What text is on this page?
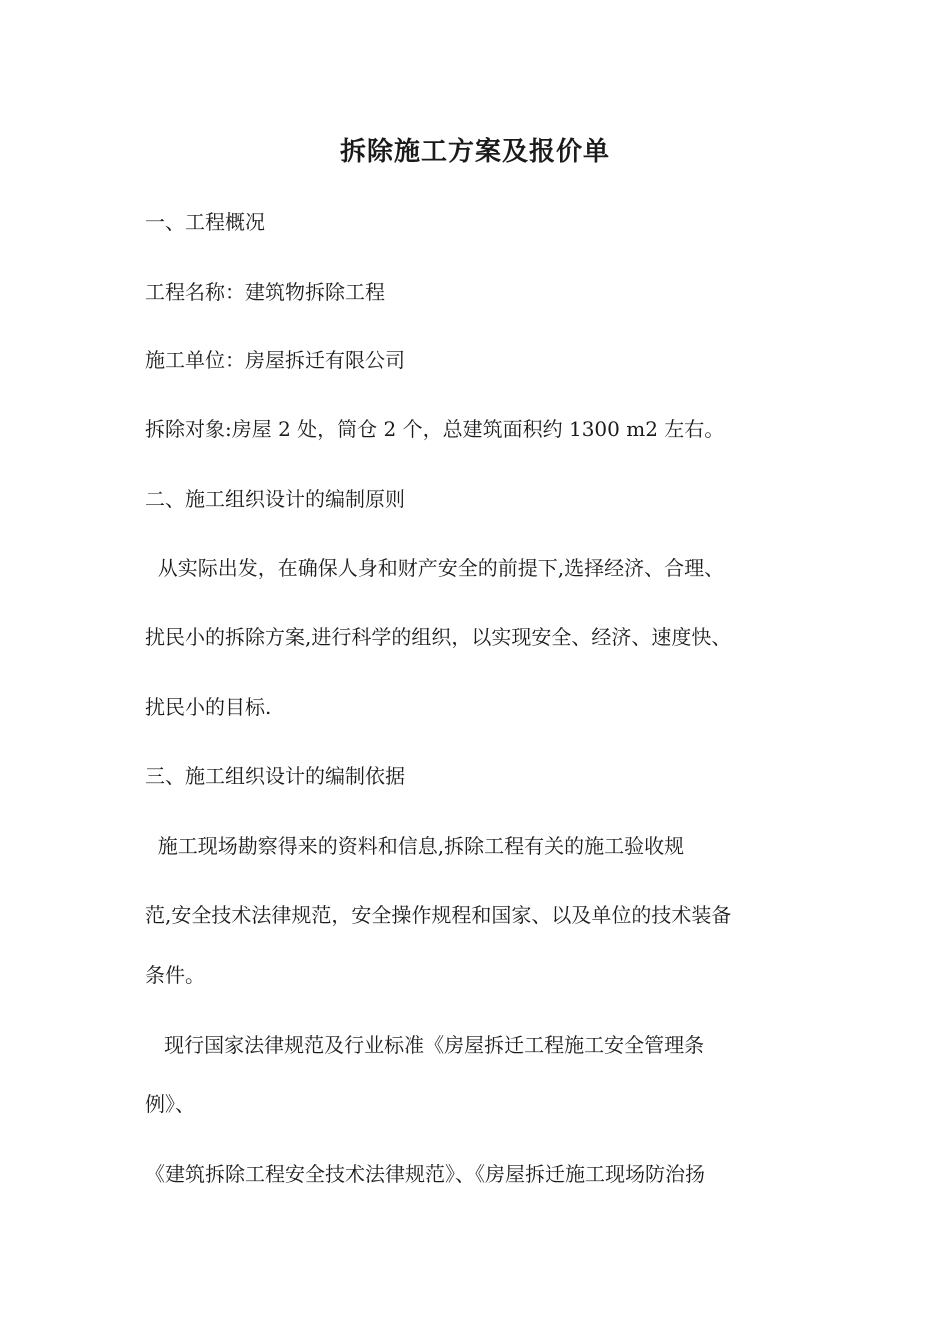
拆除施工方案及报价单
一、工程概况
工程名称：建筑物拆除工程
施工单位：房屋拆迁有限公司
拆除对象:房屋 2 处，筒仓 2 个，总建筑面积约 1300 m2 左右。
二、施工组织设计的编制原则
从实际出发，在确保人身和财产安全的前提下,选择经济、合理、
扰民小的拆除方案,进行科学的组织，以实现安全、经济、速度快、
扰民小的目标.
三、施工组织设计的编制依据
施工现场勘察得来的资料和信息,拆除工程有关的施工验收规
范,安全技术法律规范，安全操作规程和国家、以及单位的技术装备
条件。
现行国家法律规范及行业标准《房屋拆迁工程施工安全管理条
例》、
《建筑拆除工程安全技术法律规范》、《房屋拆迁施工现场防治扬
